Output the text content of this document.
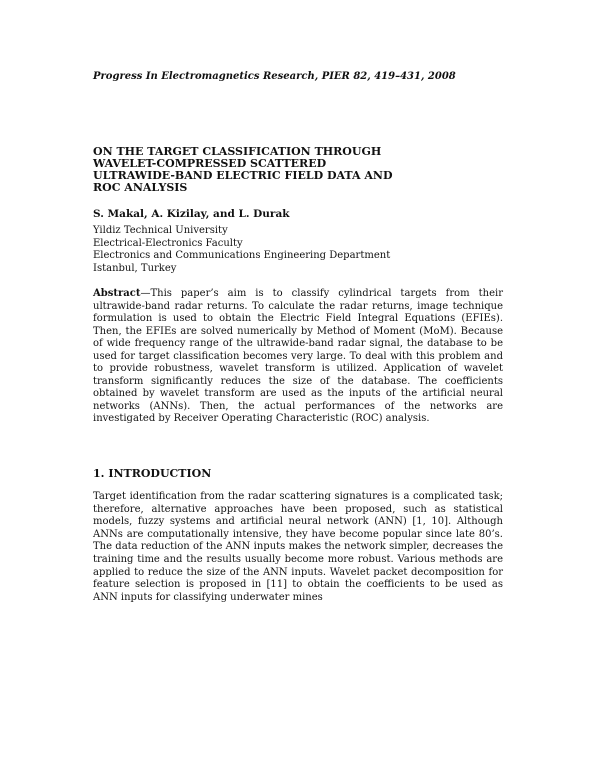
Progress In Electromagnetics Research, PIER 82, 419–431, 2008
ON THE TARGET CLASSIFICATION THROUGH
WAVELET-COMPRESSED SCATTERED
ULTRAWIDE-BAND ELECTRIC FIELD DATA AND
ROC ANALYSIS
S. Makal, A. Kizilay, and L. Durak
Yildiz Technical University
Electrical-Electronics Faculty
Electronics and Communications Engineering Department
Istanbul, Turkey
Abstract—This paper’s aim is to classify cylindrical targets from their ultrawide-band radar returns. To calculate the radar returns, image technique formulation is used to obtain the Electric Field Integral Equations (EFIEs). Then, the EFIEs are solved numerically by Method of Moment (MoM). Because of wide frequency range of the ultrawide-band radar signal, the database to be used for target classification becomes very large. To deal with this problem and to provide robustness, wavelet transform is utilized. Application of wavelet transform significantly reduces the size of the database. The coefficients obtained by wavelet transform are used as the inputs of the artificial neural networks (ANNs). Then, the actual performances of the networks are investigated by Receiver Operating Characteristic (ROC) analysis.
1. INTRODUCTION
Target identification from the radar scattering signatures is a complicated task; therefore, alternative approaches have been proposed, such as statistical models, fuzzy systems and artificial neural network (ANN) [1, 10]. Although ANNs are computationally intensive, they have become popular since late 80’s. The data reduction of the ANN inputs makes the network simpler, decreases the training time and the results usually become more robust. Various methods are applied to reduce the size of the ANN inputs. Wavelet packet decomposition for feature selection is proposed in [11] to obtain the coefficients to be used as ANN inputs for classifying underwater mines
